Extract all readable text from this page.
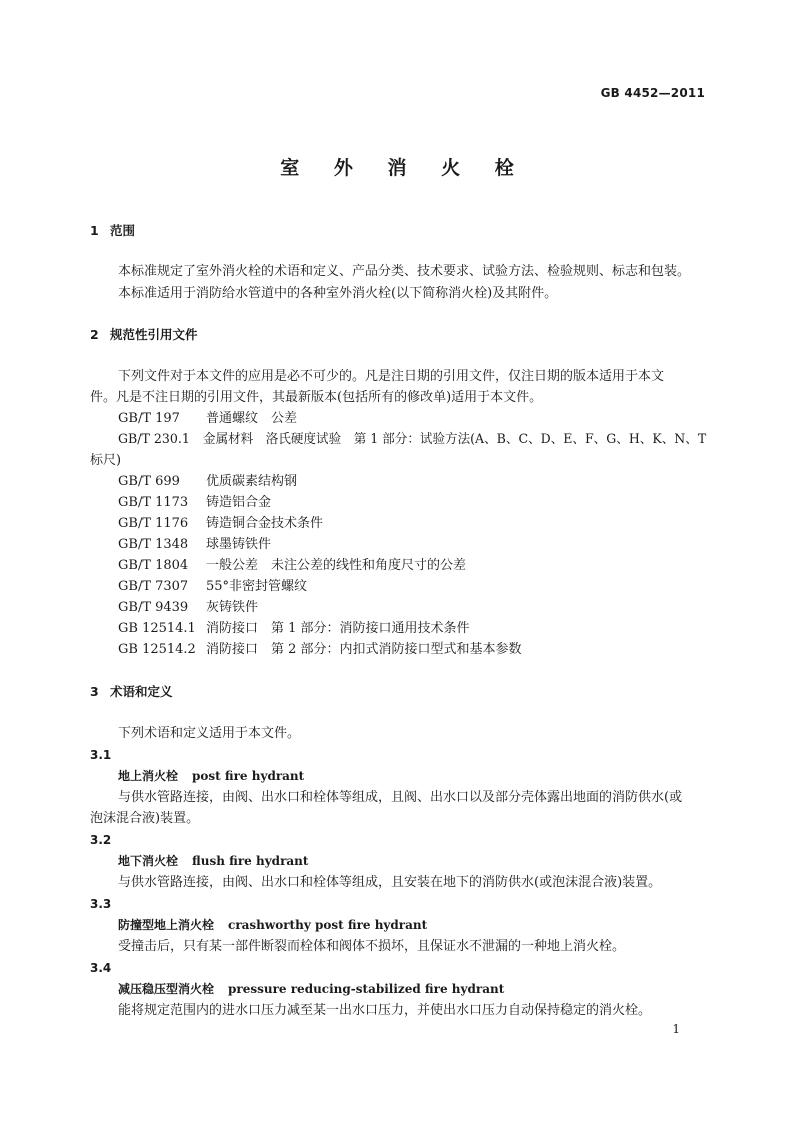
GB 4452—2011
室 外 消 火 栓
1 范围
本标准规定了室外消火栓的术语和定义、产品分类、技术要求、试验方法、检验规则、标志和包装。
本标准适用于消防给水管道中的各种室外消火栓(以下简称消火栓)及其附件。
2 规范性引用文件
下列文件对于本文件的应用是必不可少的。凡是注日期的引用文件，仅注日期的版本适用于本文
件。凡是不注日期的引用文件，其最新版本(包括所有的修改单)适用于本文件。
GB/T 197 普通螺纹　公差
GB/T 230.1 金属材料　洛氏硬度试验　第 1 部分：试验方法(A、B、C、D、E、F、G、H、K、N、T
标尺)
GB/T 699 优质碳素结构钢
GB/T 1173 铸造铝合金
GB/T 1176 铸造铜合金技术条件
GB/T 1348 球墨铸铁件
GB/T 1804 一般公差　未注公差的线性和角度尺寸的公差
GB/T 7307 55°非密封管螺纹
GB/T 9439 灰铸铁件
GB 12514.1 消防接口　第 1 部分：消防接口通用技术条件
GB 12514.2 消防接口　第 2 部分：内扣式消防接口型式和基本参数
3 术语和定义
下列术语和定义适用于本文件。
3.1
地上消火栓 post fire hydrant
与供水管路连接，由阀、出水口和栓体等组成，且阀、出水口以及部分壳体露出地面的消防供水(或
泡沫混合液)装置。
3.2
地下消火栓 flush fire hydrant
与供水管路连接，由阀、出水口和栓体等组成，且安装在地下的消防供水(或泡沫混合液)装置。
3.3
防撞型地上消火栓 crashworthy post fire hydrant
受撞击后，只有某一部件断裂而栓体和阀体不损坏，且保证水不泄漏的一种地上消火栓。
3.4
减压稳压型消火栓 pressure reducing-stabilized fire hydrant
能将规定范围内的进水口压力减至某一出水口压力，并使出水口压力自动保持稳定的消火栓。
1
